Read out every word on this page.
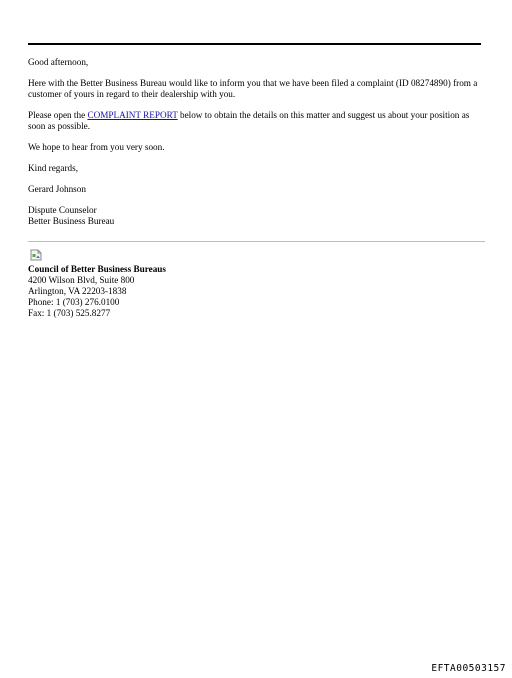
Good afternoon,

Here with the Better Business Bureau would like to inform you that we have been filed a complaint (ID 08274890) from a customer of yours in regard to their dealership with you.

Please open the COMPLAINT REPORT below to obtain the details on this matter and suggest us about your position as soon as possible.

We hope to hear from you very soon.

Kind regards,

Gerard Johnson

Dispute Counselor
Better Business Bureau

Council of Better Business Bureaus
4200 Wilson Blvd, Suite 800
Arlington, VA 22203-1838
Phone: 1 (703) 276.0100
Fax: 1 (703) 525.8277
EFTA00503157
